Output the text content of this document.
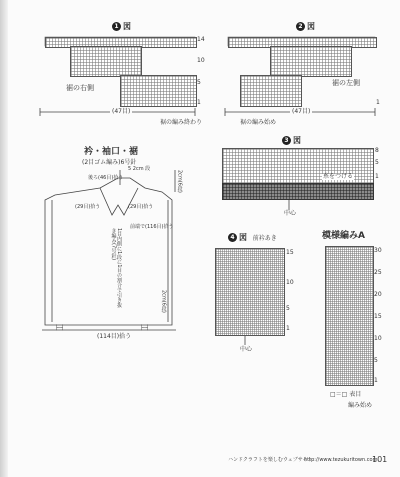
1 図
14
10
5
1
裾の右側
(47目)
裾の編み終わり
2 図
裾の左側
(47目)
裾の編み始め
1
衿・袖口・裾
(2目ゴム編み)6号針
後ろ(46目)拾う
5 2cm 段
(29目)拾う	(29目)拾う
前端で(116目)拾う
1目内側に1段に1目の割合で引き抜き編み(7号針)
2cm(6段)
2cm(6段)
├─┤	├─┤
(114目)拾う
3 図
糸をつける
中心
8
5
1
4 図 前衿あき
15
10
5
1
中心
模様編みA
30
25
20
15
10
5
1
□＝□ 表目
編み始め
ハンドクラフトを楽しむウェブサイト
http://www.tezukuritown.com
101
